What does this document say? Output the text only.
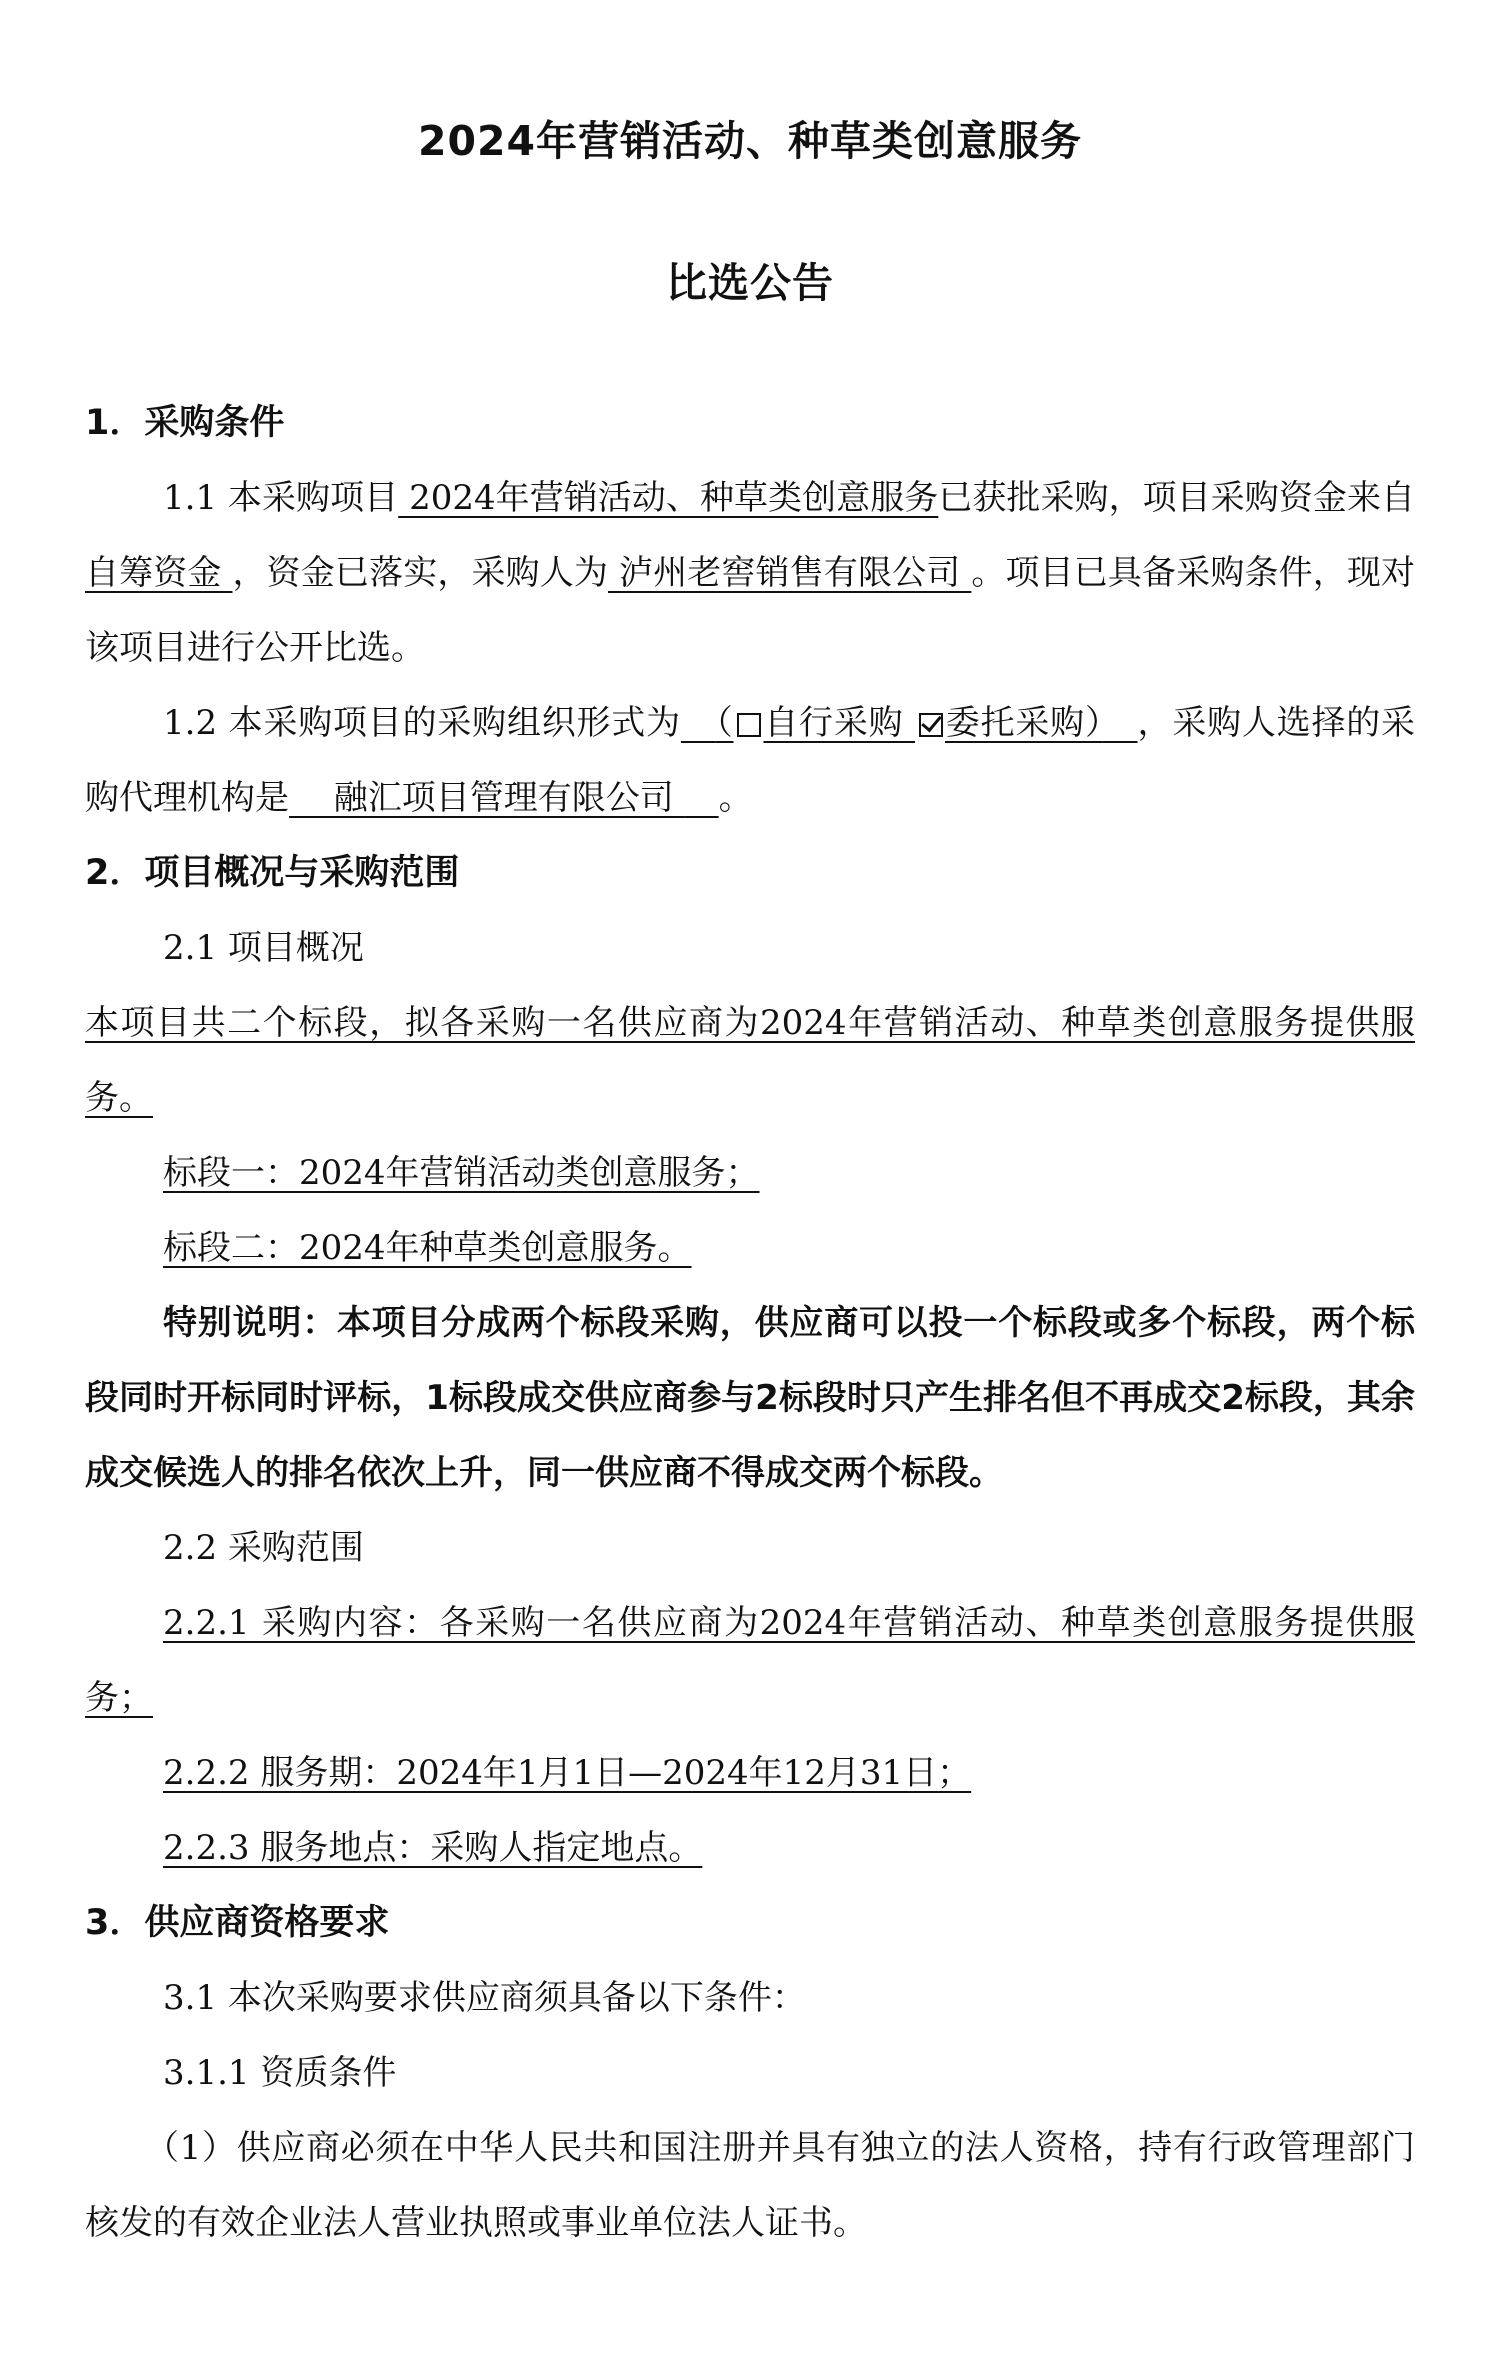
2024年营销活动、种草类创意服务
比选公告
1．采购条件
1.1 本采购项目 2024年营销活动、种草类创意服务已获批采购，项目采购资金来自 自筹资金 ，资金已落实，采购人为 泸州老窖销售有限公司 。项目已具备采购条件，现对该项目进行公开比选。
1.2 本采购项目的采购组织形式为　 （ 自行采购 委托采购）　 ，采购人选择的采购代理机构是　 融汇项目管理有限公司 　。
2．项目概况与采购范围
2.1 项目概况
本项目共二个标段，拟各采购一名供应商为2024年营销活动、种草类创意服务提供服务。
标段一：2024年营销活动类创意服务；
标段二：2024年种草类创意服务。
特别说明：本项目分成两个标段采购，供应商可以投一个标段或多个标段，两个标段同时开标同时评标，1标段成交供应商参与2标段时只产生排名但不再成交2标段，其余成交候选人的排名依次上升，同一供应商不得成交两个标段。
2.2 采购范围
2.2.1 采购内容：各采购一名供应商为2024年营销活动、种草类创意服务提供服务；
2.2.2 服务期：2024年1月1日—2024年12月31日；
2.2.3 服务地点：采购人指定地点。
3．供应商资格要求
3.1 本次采购要求供应商须具备以下条件：
3.1.1 资质条件
（1）供应商必须在中华人民共和国注册并具有独立的法人资格，持有行政管理部门核发的有效企业法人营业执照或事业单位法人证书。
